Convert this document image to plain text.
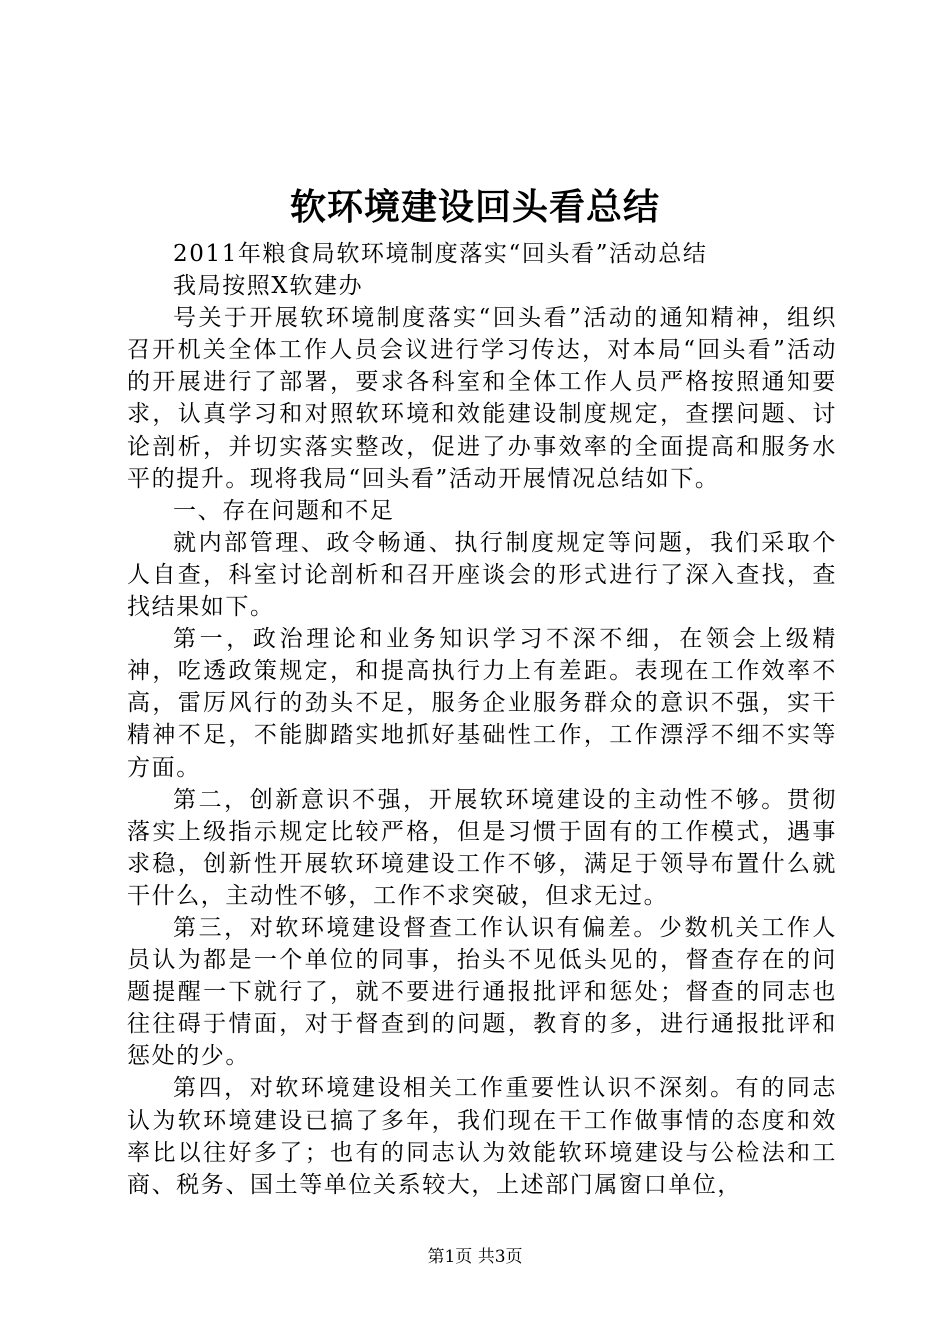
软环境建设回头看总结

2011年粮食局软环境制度落实“回头看”活动总结

我局按照X软建办

号关于开展软环境制度落实“回头看”活动的通知精神，组织召开机关全体工作人员会议进行学习传达，对本局“回头看”活动的开展进行了部署，要求各科室和全体工作人员严格按照通知要求，认真学习和对照软环境和效能建设制度规定，查摆问题、讨论剖析，并切实落实整改，促进了办事效率的全面提高和服务水平的提升。现将我局“回头看”活动开展情况总结如下。

一、存在问题和不足

就内部管理、政令畅通、执行制度规定等问题，我们采取个人自查，科室讨论剖析和召开座谈会的形式进行了深入查找，查找结果如下。

第一，政治理论和业务知识学习不深不细，在领会上级精神，吃透政策规定，和提高执行力上有差距。表现在工作效率不高，雷厉风行的劲头不足，服务企业服务群众的意识不强，实干精神不足，不能脚踏实地抓好基础性工作，工作漂浮不细不实等方面。

第二，创新意识不强，开展软环境建设的主动性不够。贯彻落实上级指示规定比较严格，但是习惯于固有的工作模式，遇事求稳，创新性开展软环境建设工作不够，满足于领导布置什么就干什么，主动性不够，工作不求突破，但求无过。

第三，对软环境建设督查工作认识有偏差。少数机关工作人员认为都是一个单位的同事，抬头不见低头见的，督查存在的问题提醒一下就行了，就不要进行通报批评和惩处；督查的同志也往往碍于情面，对于督查到的问题，教育的多，进行通报批评和惩处的少。

第四，对软环境建设相关工作重要性认识不深刻。有的同志认为软环境建设已搞了多年，我们现在干工作做事情的态度和效率比以往好多了；也有的同志认为效能软环境建设与公检法和工商、税务、国土等单位关系较大，上述部门属窗口单位，

第1页 共3页
